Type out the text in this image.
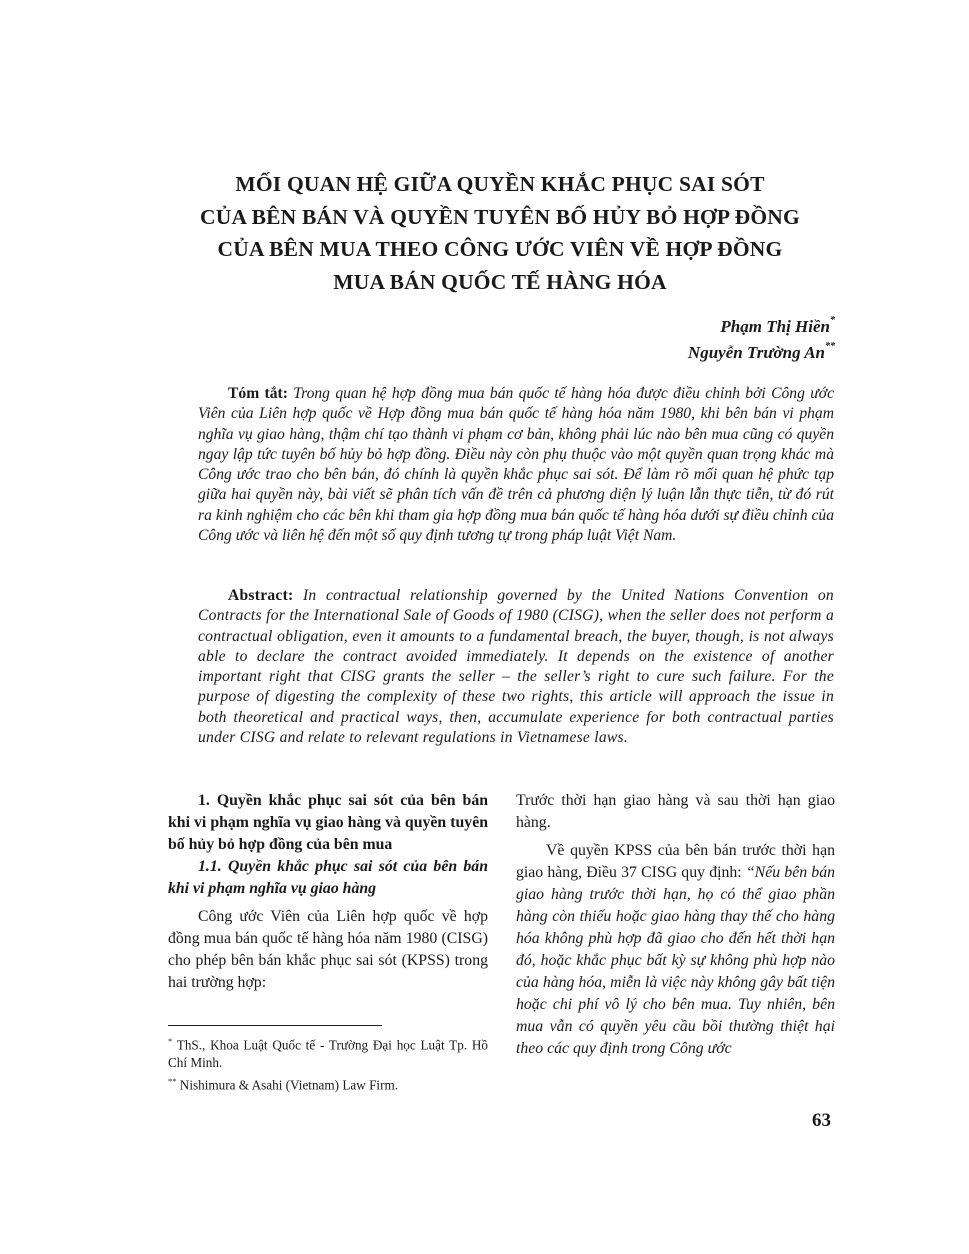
MỐI QUAN HỆ GIỮA QUYỀN KHẮC PHỤC SAI SÓT
CỦA BÊN BÁN VÀ QUYỀN TUYÊN BỐ HỦY BỎ HỢP ĐỒNG
CỦA BÊN MUA THEO CÔNG ƯỚC VIÊN VỀ HỢP ĐỒNG
MUA BÁN QUỐC TẾ HÀNG HÓA
Phạm Thị Hiền*
Nguyễn Trường An**
Tóm tắt: Trong quan hệ hợp đồng mua bán quốc tế hàng hóa được điều chỉnh bởi Công ước Viên của Liên hợp quốc về Hợp đồng mua bán quốc tế hàng hóa năm 1980, khi bên bán vi phạm nghĩa vụ giao hàng, thậm chí tạo thành vi phạm cơ bản, không phải lúc nào bên mua cũng có quyền ngay lập tức tuyên bố hủy bỏ hợp đồng. Điều này còn phụ thuộc vào một quyền quan trọng khác mà Công ước trao cho bên bán, đó chính là quyền khắc phục sai sót. Để làm rõ mối quan hệ phức tạp giữa hai quyền này, bài viết sẽ phân tích vấn đề trên cả phương diện lý luận lẫn thực tiễn, từ đó rút ra kinh nghiệm cho các bên khi tham gia hợp đồng mua bán quốc tế hàng hóa dưới sự điều chỉnh của Công ước và liên hệ đến một số quy định tương tự trong pháp luật Việt Nam.
Abstract: In contractual relationship governed by the United Nations Convention on Contracts for the International Sale of Goods of 1980 (CISG), when the seller does not perform a contractual obligation, even it amounts to a fundamental breach, the buyer, though, is not always able to declare the contract avoided immediately. It depends on the existence of another important right that CISG grants the seller – the seller’s right to cure such failure. For the purpose of digesting the complexity of these two rights, this article will approach the issue in both theoretical and practical ways, then, accumulate experience for both contractual parties under CISG and relate to relevant regulations in Vietnamese laws.

1. Quyền khắc phục sai sót của bên bán khi vi phạm nghĩa vụ giao hàng và quyền tuyên bố hủy bỏ hợp đồng của bên mua

1.1. Quyền khắc phục sai sót của bên bán khi vi phạm nghĩa vụ giao hàng

Công ước Viên của Liên hợp quốc về hợp đồng mua bán quốc tế hàng hóa năm 1980 (CISG) cho phép bên bán khắc phục sai sót (KPSS) trong hai trường hợp:

Trước thời hạn giao hàng và sau thời hạn giao hàng.

Về quyền KPSS của bên bán trước thời hạn giao hàng, Điều 37 CISG quy định: “Nếu bên bán giao hàng trước thời hạn, họ có thể giao phần hàng còn thiếu hoặc giao hàng thay thế cho hàng hóa không phù hợp đã giao cho đến hết thời hạn đó, hoặc khắc phục bất kỳ sự không phù hợp nào của hàng hóa, miễn là việc này không gây bất tiện hoặc chi phí vô lý cho bên mua. Tuy nhiên, bên mua vẫn có quyền yêu cầu bồi thường thiệt hại theo các quy định trong Công ước

* ThS., Khoa Luật Quốc tế - Trường Đại học Luật Tp. Hồ Chí Minh.

** Nishimura & Asahi (Vietnam) Law Firm.

63
